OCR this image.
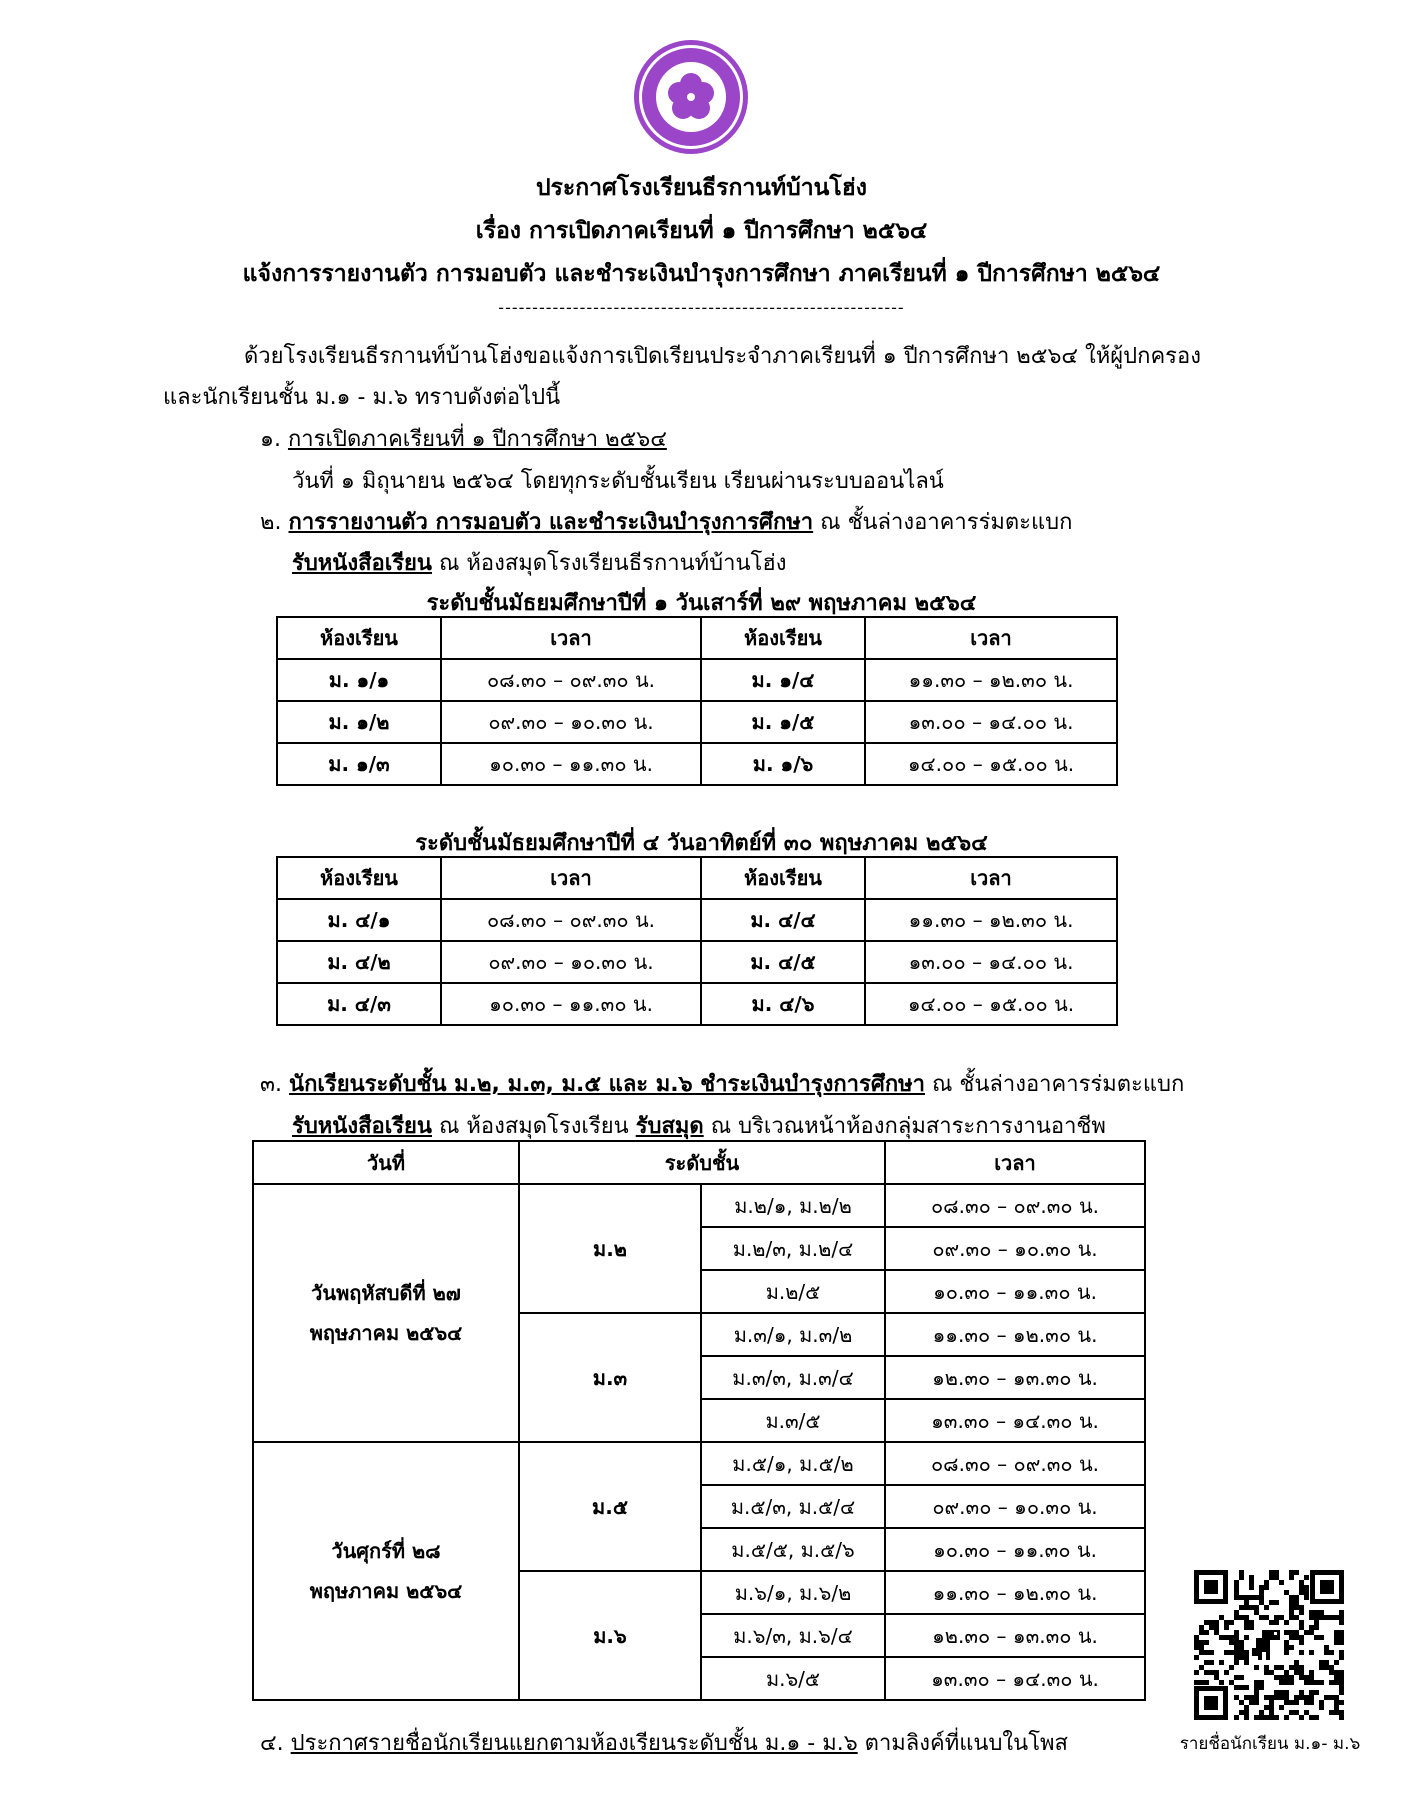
ประกาศโรงเรียนธีรกานท์บ้านโฮ่ง
เรื่อง การเปิดภาคเรียนที่ ๑ ปีการศึกษา ๒๕๖๔
แจ้งการรายงานตัว การมอบตัว และชำระเงินบำรุงการศึกษา ภาคเรียนที่ ๑ ปีการศึกษา ๒๕๖๔
------------------------------------------------------------
ด้วยโรงเรียนธีรกานท์บ้านโฮ่งขอแจ้งการเปิดเรียนประจำภาคเรียนที่ ๑ ปีการศึกษา ๒๕๖๔ ให้ผู้ปกครอง
และนักเรียนชั้น ม.๑ - ม.๖ ทราบดังต่อไปนี้
๑. การเปิดภาคเรียนที่ ๑ ปีการศึกษา ๒๕๖๔
วันที่ ๑ มิถุนายน ๒๕๖๔ โดยทุกระดับชั้นเรียน เรียนผ่านระบบออนไลน์
๒. การรายงานตัว การมอบตัว และชำระเงินบำรุงการศึกษา ณ ชั้นล่างอาคารร่มตะแบก
รับหนังสือเรียน ณ ห้องสมุดโรงเรียนธีรกานท์บ้านโฮ่ง
ระดับชั้นมัธยมศึกษาปีที่ ๑ วันเสาร์ที่ ๒๙ พฤษภาคม ๒๕๖๔
ห้องเรียน	เวลา	ห้องเรียน	เวลา
ม. ๑/๑	๐๘.๓๐ – ๐๙.๓๐ น.	ม. ๑/๔	๑๑.๓๐ – ๑๒.๓๐ น.
ม. ๑/๒	๐๙.๓๐ – ๑๐.๓๐ น.	ม. ๑/๕	๑๓.๐๐ – ๑๔.๐๐ น.
ม. ๑/๓	๑๐.๓๐ – ๑๑.๓๐ น.	ม. ๑/๖	๑๔.๐๐ – ๑๕.๐๐ น.
ระดับชั้นมัธยมศึกษาปีที่ ๔ วันอาทิตย์ที่ ๓๐ พฤษภาคม ๒๕๖๔
ห้องเรียน	เวลา	ห้องเรียน	เวลา
ม. ๔/๑	๐๘.๓๐ – ๐๙.๓๐ น.	ม. ๔/๔	๑๑.๓๐ – ๑๒.๓๐ น.
ม. ๔/๒	๐๙.๓๐ – ๑๐.๓๐ น.	ม. ๔/๕	๑๓.๐๐ – ๑๔.๐๐ น.
ม. ๔/๓	๑๐.๓๐ – ๑๑.๓๐ น.	ม. ๔/๖	๑๔.๐๐ – ๑๕.๐๐ น.
๓. นักเรียนระดับชั้น ม.๒, ม.๓, ม.๕ และ ม.๖ ชำระเงินบำรุงการศึกษา ณ ชั้นล่างอาคารร่มตะแบก
รับหนังสือเรียน ณ ห้องสมุดโรงเรียน รับสมุด ณ บริเวณหน้าห้องกลุ่มสาระการงานอาชีพ
วันที่	ระดับชั้น		เวลา

วันพฤหัสบดีที่ ๒๗
พฤษภาคม ๒๕๖๔	ม.๒	ม.๒/๑, ม.๒/๒	๐๘.๓๐ – ๐๙.๓๐ น.
		ม.๒/๓, ม.๒/๔	๐๙.๓๐ – ๑๐.๓๐ น.
		ม.๒/๕	๑๐.๓๐ – ๑๑.๓๐ น.
	ม.๓	ม.๓/๑, ม.๓/๒	๑๑.๓๐ – ๑๒.๓๐ น.
		ม.๓/๓, ม.๓/๔	๑๒.๓๐ – ๑๓.๓๐ น.
		ม.๓/๕	๑๓.๓๐ – ๑๔.๓๐ น.

วันศุกร์ที่ ๒๘
พฤษภาคม ๒๕๖๔	ม.๕	ม.๕/๑, ม.๕/๒	๐๘.๓๐ – ๐๙.๓๐ น.
		ม.๕/๓, ม.๕/๔	๐๙.๓๐ – ๑๐.๓๐ น.
		ม.๕/๕, ม.๕/๖	๑๐.๓๐ – ๑๑.๓๐ น.
	ม.๖	ม.๖/๑, ม.๖/๒	๑๑.๓๐ – ๑๒.๓๐ น.
		ม.๖/๓, ม.๖/๔	๑๒.๓๐ – ๑๓.๓๐ น.
		ม.๖/๕	๑๓.๓๐ – ๑๔.๓๐ น.
๔. ประกาศรายชื่อนักเรียนแยกตามห้องเรียนระดับชั้น ม.๑ - ม.๖ ตามลิงค์ที่แนบในโพส	รายชื่อนักเรียน ม.๑- ม.๖
